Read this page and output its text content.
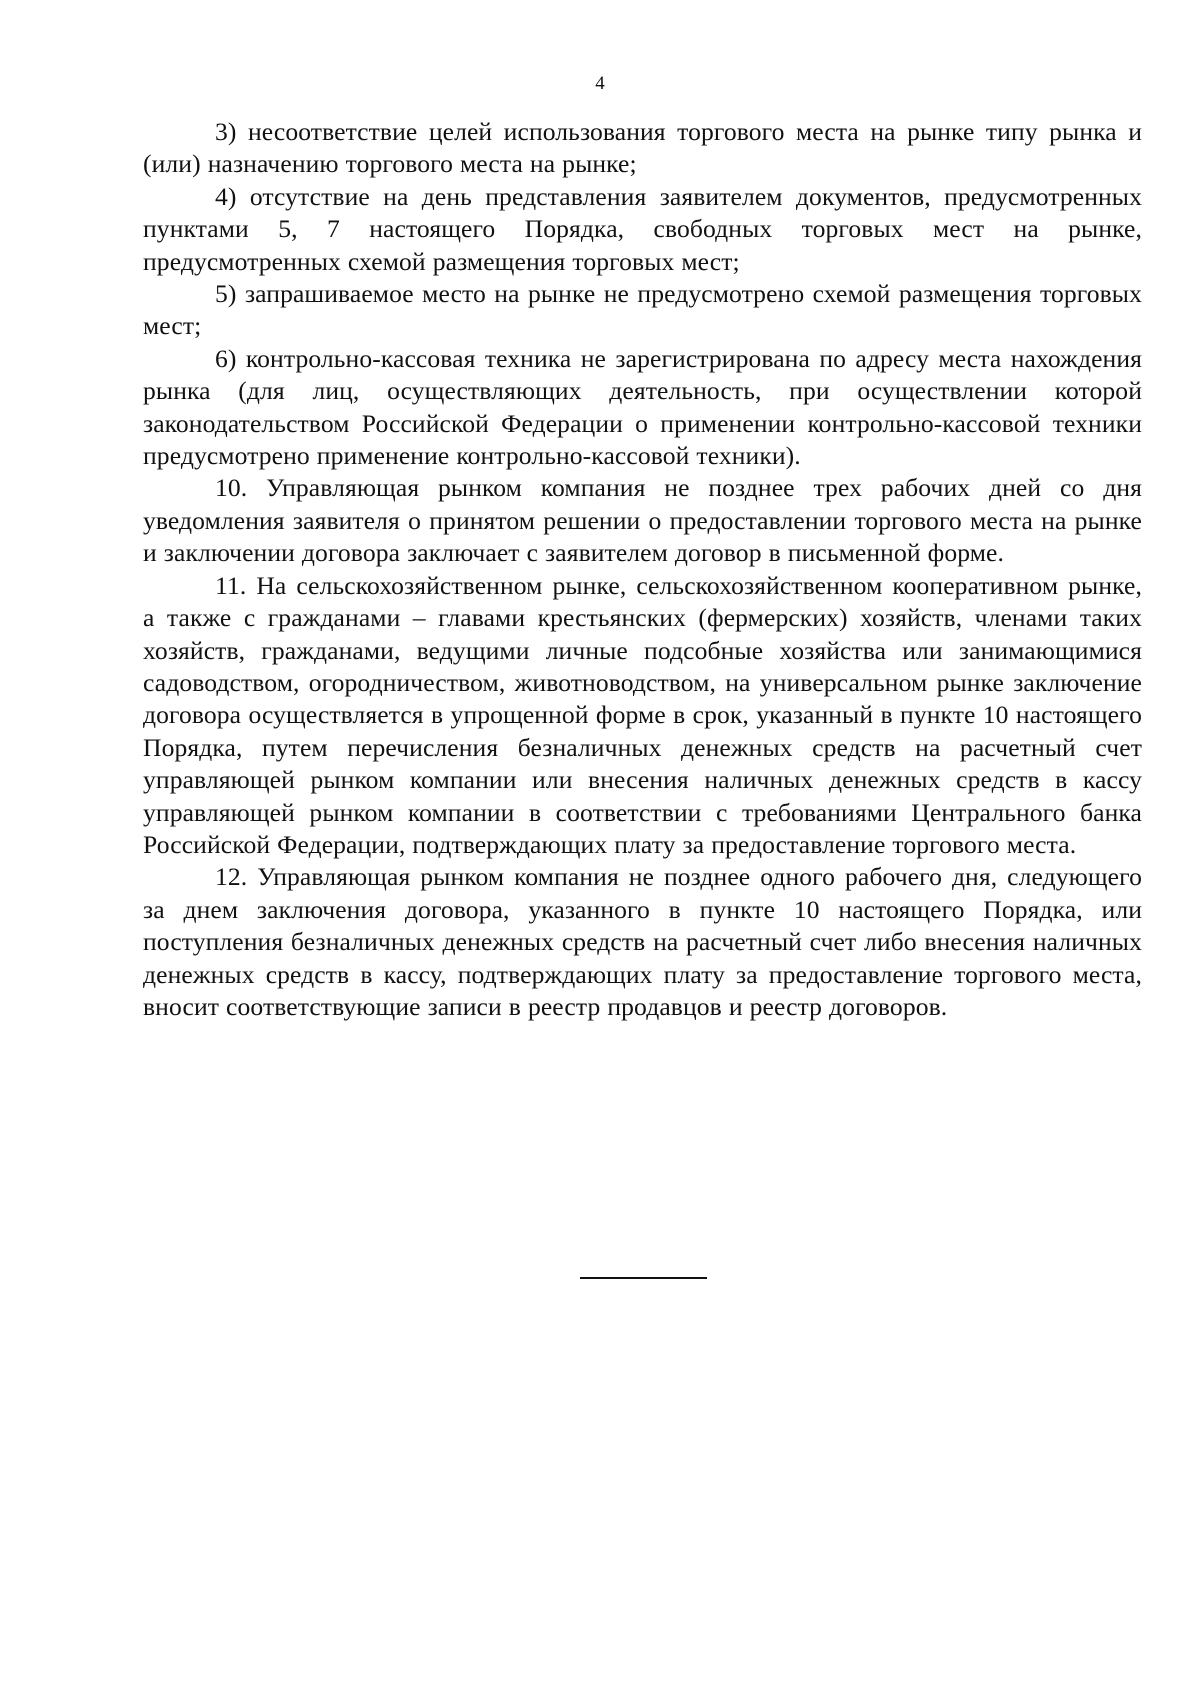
4

3) несоответствие целей использования торгового места на рынке типу рынка и (или) назначению торгового места на рынке;

4) отсутствие на день представления заявителем документов, предусмотренных пунктами 5, 7 настоящего Порядка, свободных торговых мест на рынке, предусмотренных схемой размещения торговых мест;

5) запрашиваемое место на рынке не предусмотрено схемой размещения торговых мест;

6) контрольно-кассовая техника не зарегистрирована по адресу места нахождения рынка (для лиц, осуществляющих деятельность, при осуществлении которой законодательством Российской Федерации о применении контрольно-кассовой техники предусмотрено применение контрольно-кассовой техники).

10. Управляющая рынком компания не позднее трех рабочих дней со дня уведомления заявителя о принятом решении о предоставлении торгового места на рынке и заключении договора заключает с заявителем договор в письменной форме.

11. На сельскохозяйственном рынке, сельскохозяйственном кооперативном рынке, а также с гражданами – главами крестьянских (фермерских) хозяйств, членами таких хозяйств, гражданами, ведущими личные подсобные хозяйства или занимающимися садоводством, огородничеством, животноводством, на универсальном рынке заключение договора осуществляется в упрощенной форме в срок, указанный в пункте 10 настоящего Порядка, путем перечисления безналичных денежных средств на расчетный счет управляющей рынком компании или внесения наличных денежных средств в кассу управляющей рынком компании в соответствии с требованиями Центрального банка Российской Федерации, подтверждающих плату за предоставление торгового места.

12. Управляющая рынком компания не позднее одного рабочего дня, следующего за днем заключения договора, указанного в пункте 10 настоящего Порядка, или поступления безналичных денежных средств на расчетный счет либо внесения наличных денежных средств в кассу, подтверждающих плату за предоставление торгового места, вносит соответствующие записи в реестр продавцов и реестр договоров.
